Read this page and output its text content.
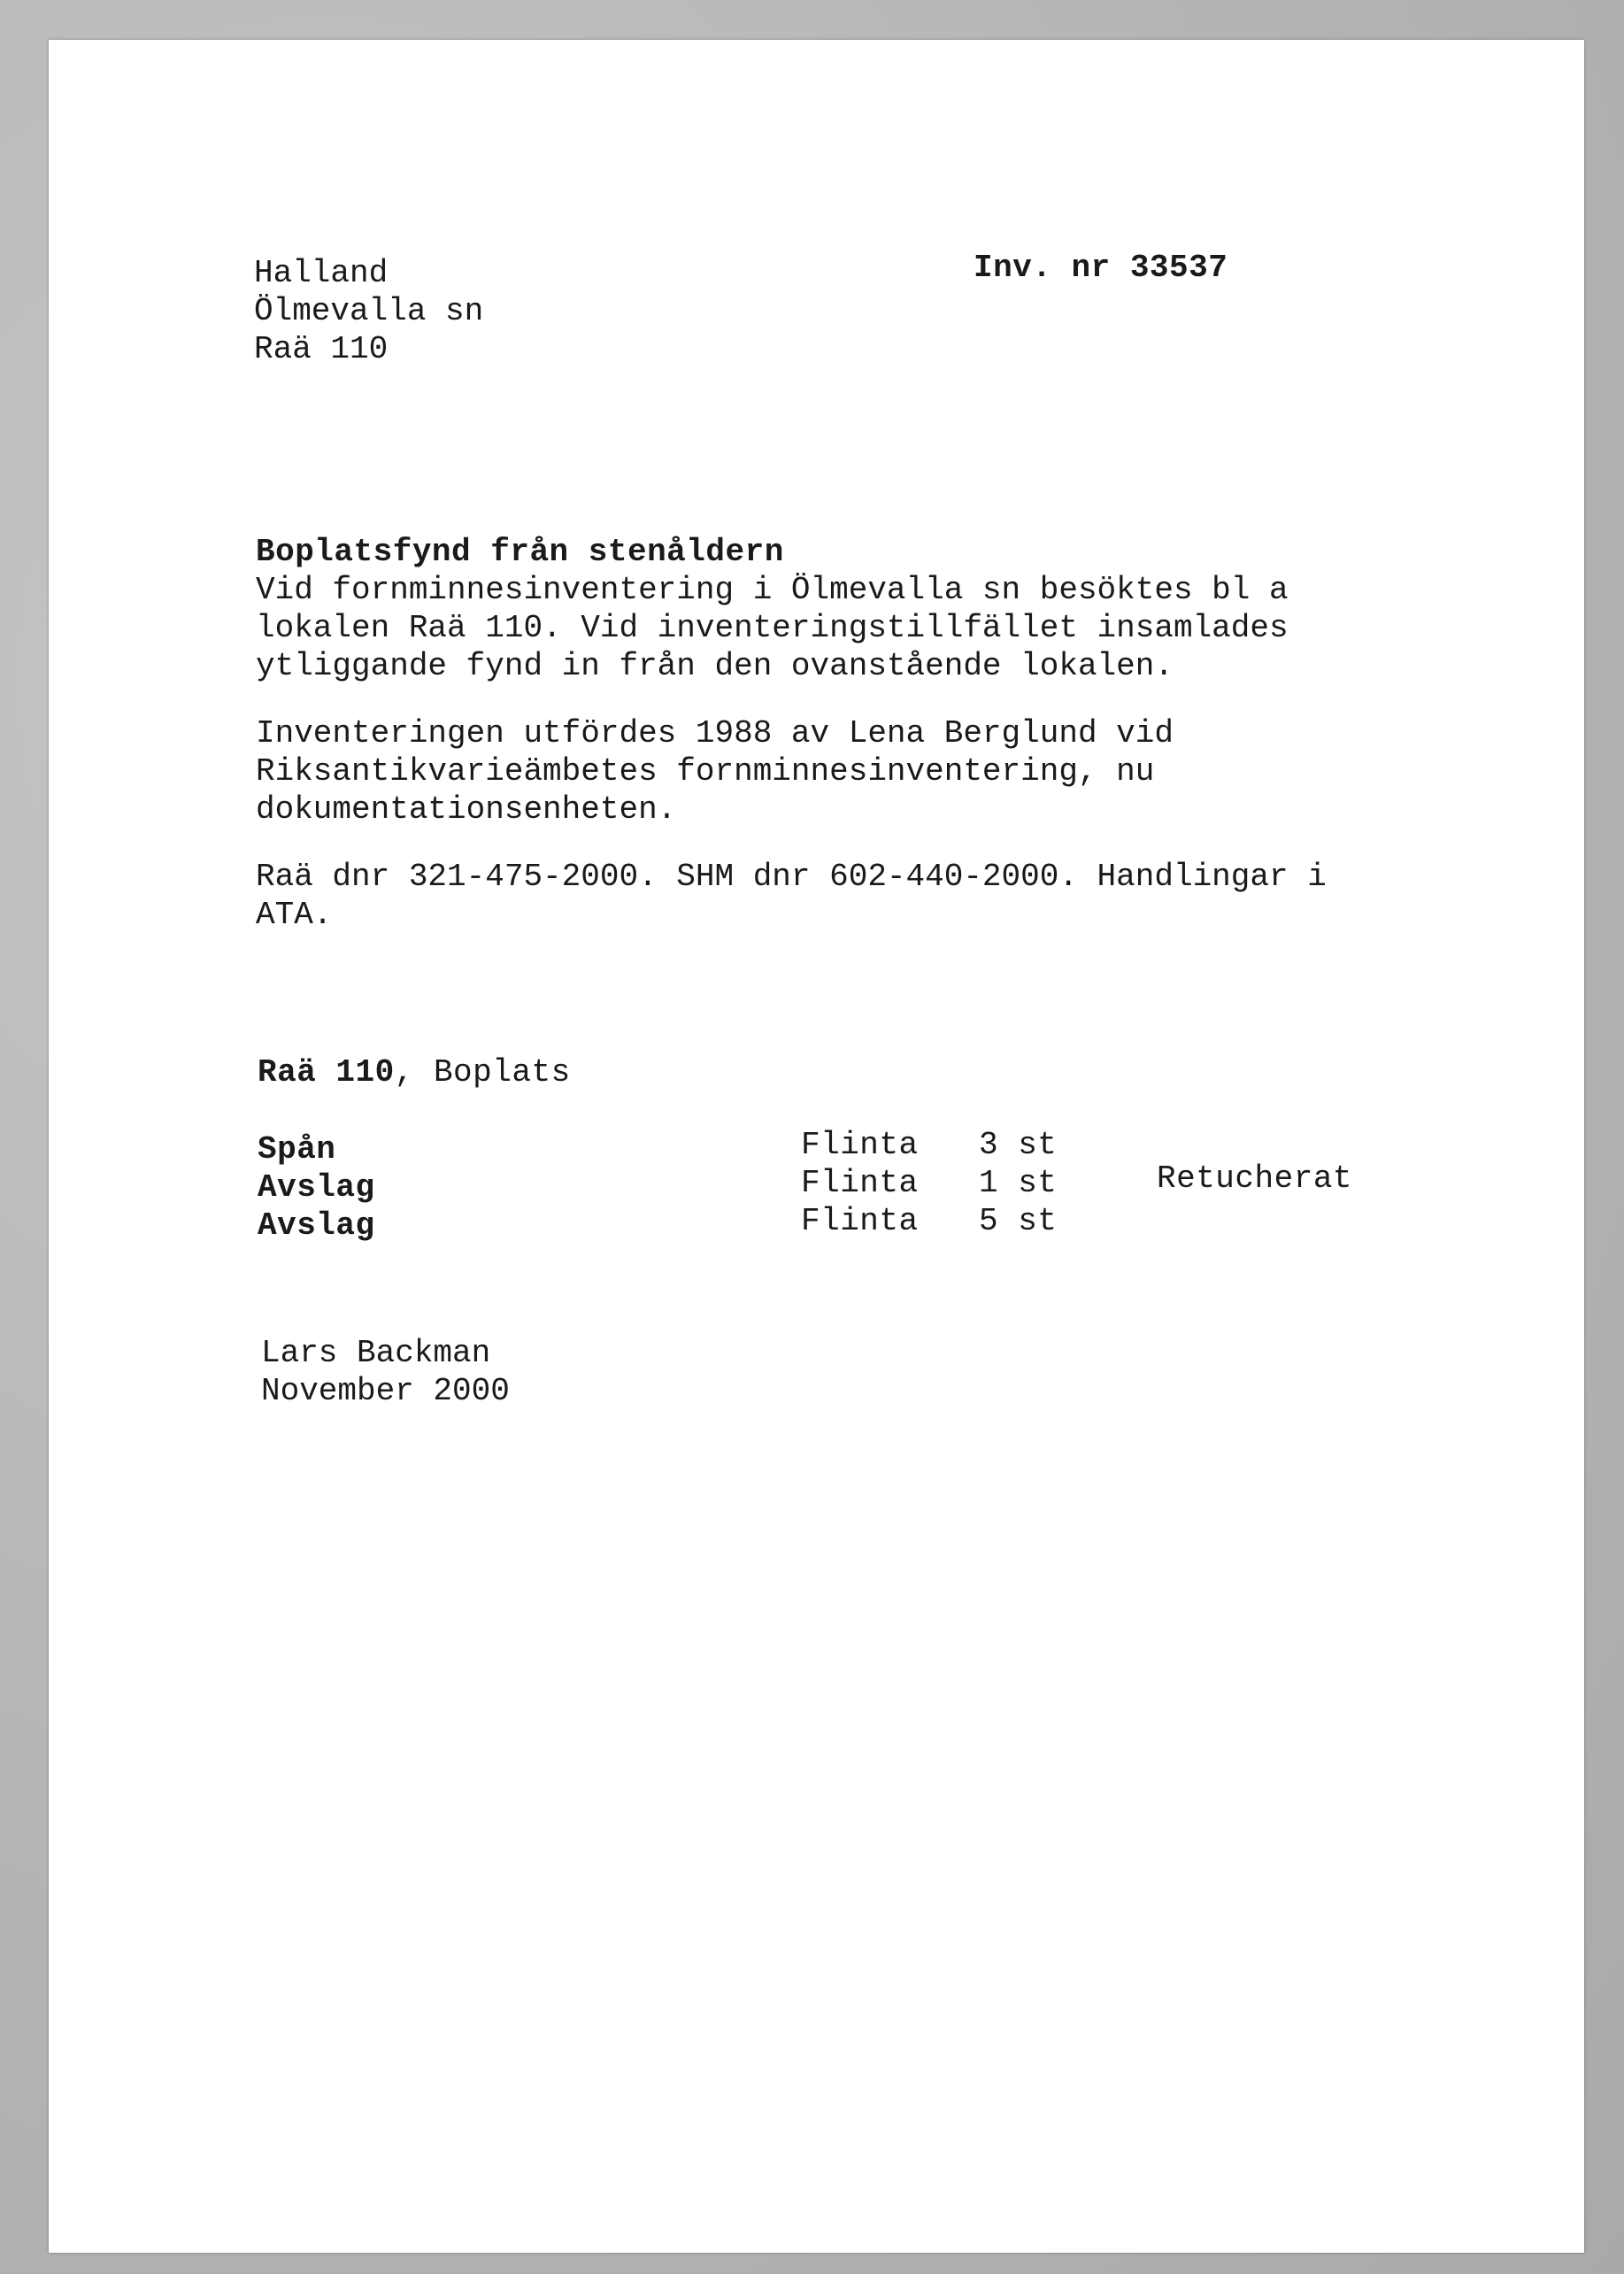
Halland
Ölmevalla sn
Raä 110
Inv. nr 33537
Boplatsfynd från stenåldern
Vid fornminnesinventering i Ölmevalla sn besöktes bl a
lokalen Raä 110. Vid inventeringstillfället insamlades
ytliggande fynd in från den ovanstående lokalen.
Inventeringen utfördes 1988 av Lena Berglund vid
Riksantikvarieämbetes fornminnesinventering, nu
dokumentationsenheten.
Raä dnr 321-475-2000. SHM dnr 602-440-2000. Handlingar i
ATA.
Raä 110, Boplats
Spån	Flinta 3 st
Avslag	Flinta 1 st	Retucherat
Avslag	Flinta 5 st
Lars Backman
November 2000
